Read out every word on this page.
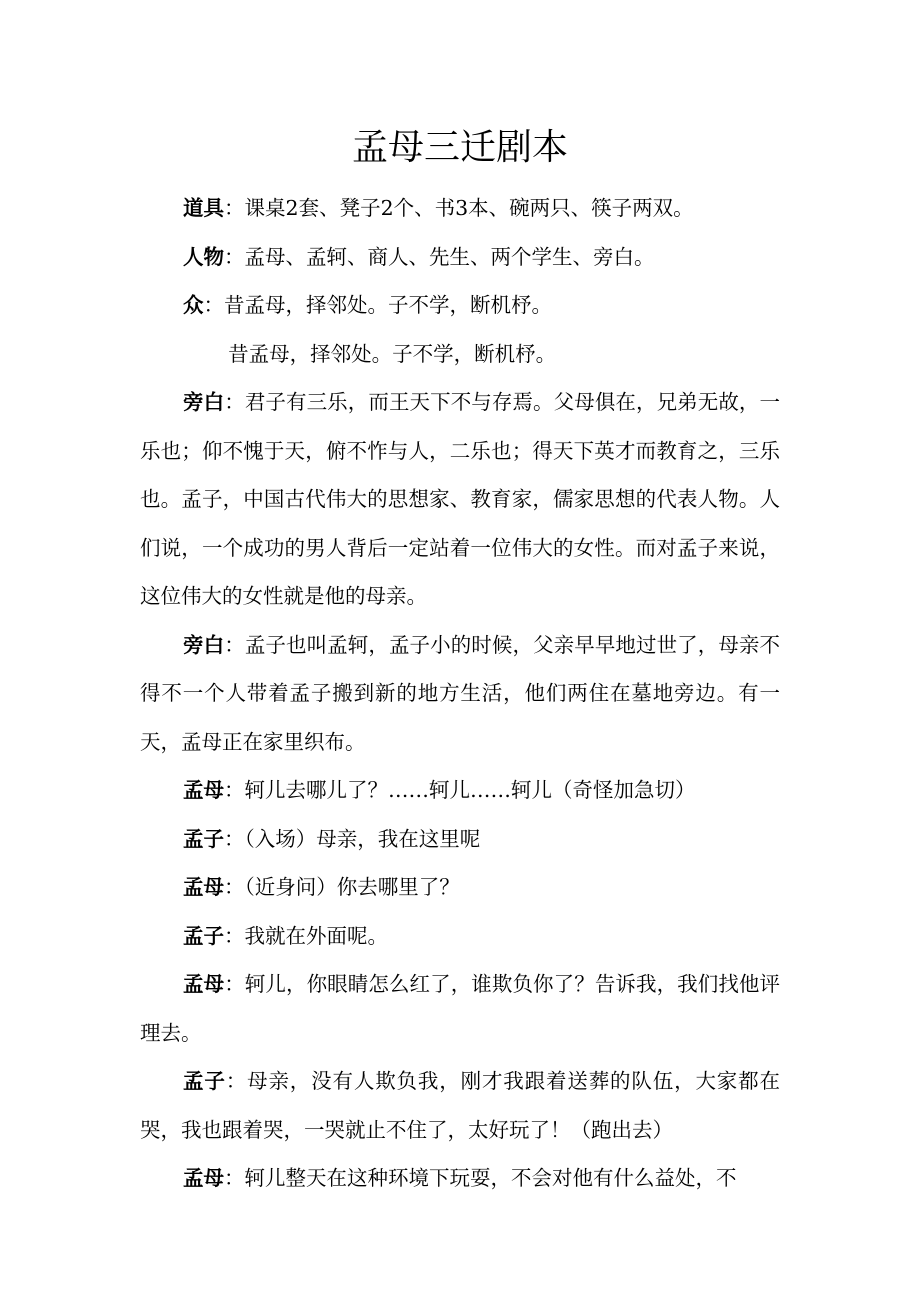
孟母三迁剧本

道具：课桌2套、凳子2个、书3本、碗两只、筷子两双。

人物：孟母、孟轲、商人、先生、两个学生、旁白。

众：昔孟母，择邻处。子不学，断机杼。

昔孟母，择邻处。子不学，断机杼。

旁白：君子有三乐，而王天下不与存焉。父母俱在，兄弟无故，一乐也；仰不愧于天，俯不怍与人，二乐也；得天下英才而教育之，三乐也。孟子，中国古代伟大的思想家、教育家，儒家思想的代表人物。人们说，一个成功的男人背后一定站着一位伟大的女性。而对孟子来说，这位伟大的女性就是他的母亲。

旁白：孟子也叫孟轲，孟子小的时候，父亲早早地过世了，母亲不得不一个人带着孟子搬到新的地方生活，他们两住在墓地旁边。有一天，孟母正在家里织布。

孟母：轲儿去哪儿了？……轲儿……轲儿（奇怪加急切）

孟子：（入场）母亲，我在这里呢

孟母：（近身问）你去哪里了？

孟子：我就在外面呢。

孟母：轲儿，你眼睛怎么红了，谁欺负你了？告诉我，我们找他评理去。

孟子：母亲，没有人欺负我，刚才我跟着送葬的队伍，大家都在哭，我也跟着哭，一哭就止不住了，太好玩了！（跑出去）

孟母：轲儿整天在这种环境下玩耍，不会对他有什么益处，不
